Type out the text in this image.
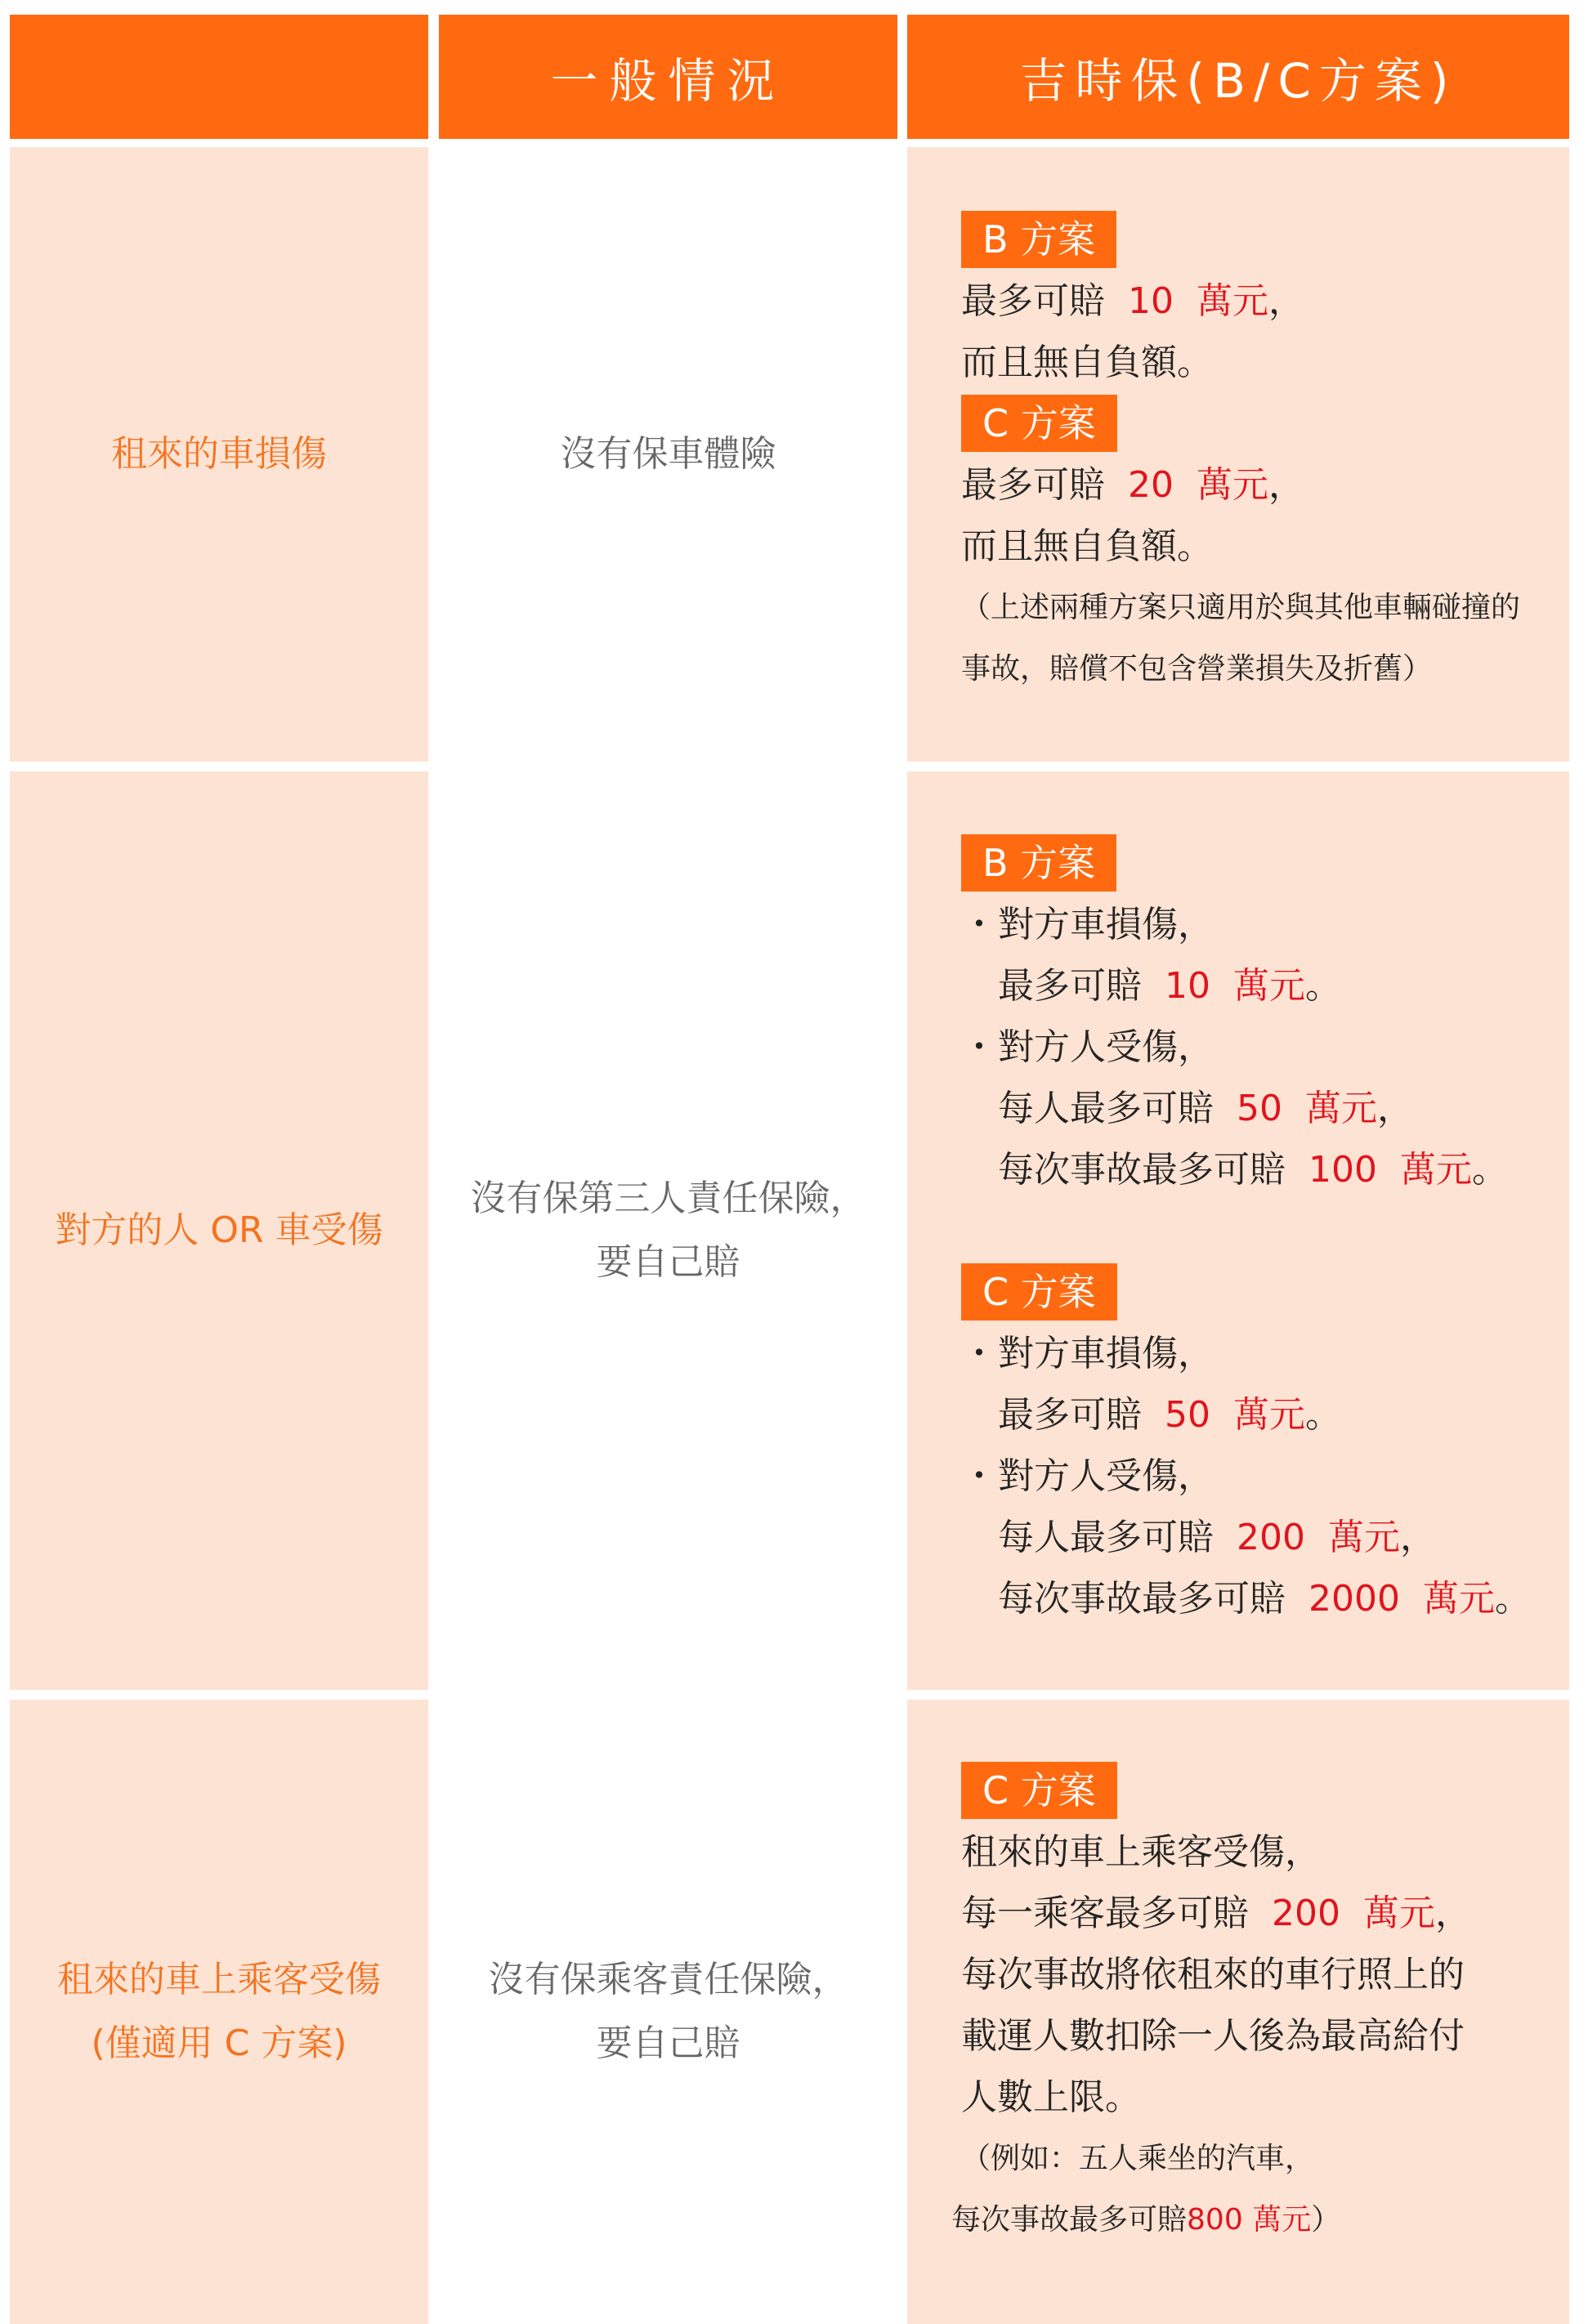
一般情況	吉時保(B/C方案)
租來的車損傷	沒有保車體險
B 方案
最多可賠 10 萬元，
而且無自負額。
C 方案
最多可賠 20 萬元，
而且無自負額。
（上述兩種方案只適用於與其他車輛碰撞的
事故，賠償不包含營業損失及折舊）
對方的人 OR 車受傷
沒有保第三人責任保險，
要自己賠
B 方案
・對方車損傷，
最多可賠 10 萬元。
・對方人受傷，
每人最多可賠 50 萬元，
每次事故最多可賠 100 萬元。
C 方案
・對方車損傷，
最多可賠 50 萬元。
・對方人受傷，
每人最多可賠 200 萬元，
每次事故最多可賠 2000 萬元。
租來的車上乘客受傷
(僅適用 C 方案)
沒有保乘客責任保險，
要自己賠
C 方案
租來的車上乘客受傷，
每一乘客最多可賠 200 萬元，
每次事故將依租來的車行照上的
載運人數扣除一人後為最高給付
人數上限。
（例如：五人乘坐的汽車，
每次事故最多可賠800 萬元）
